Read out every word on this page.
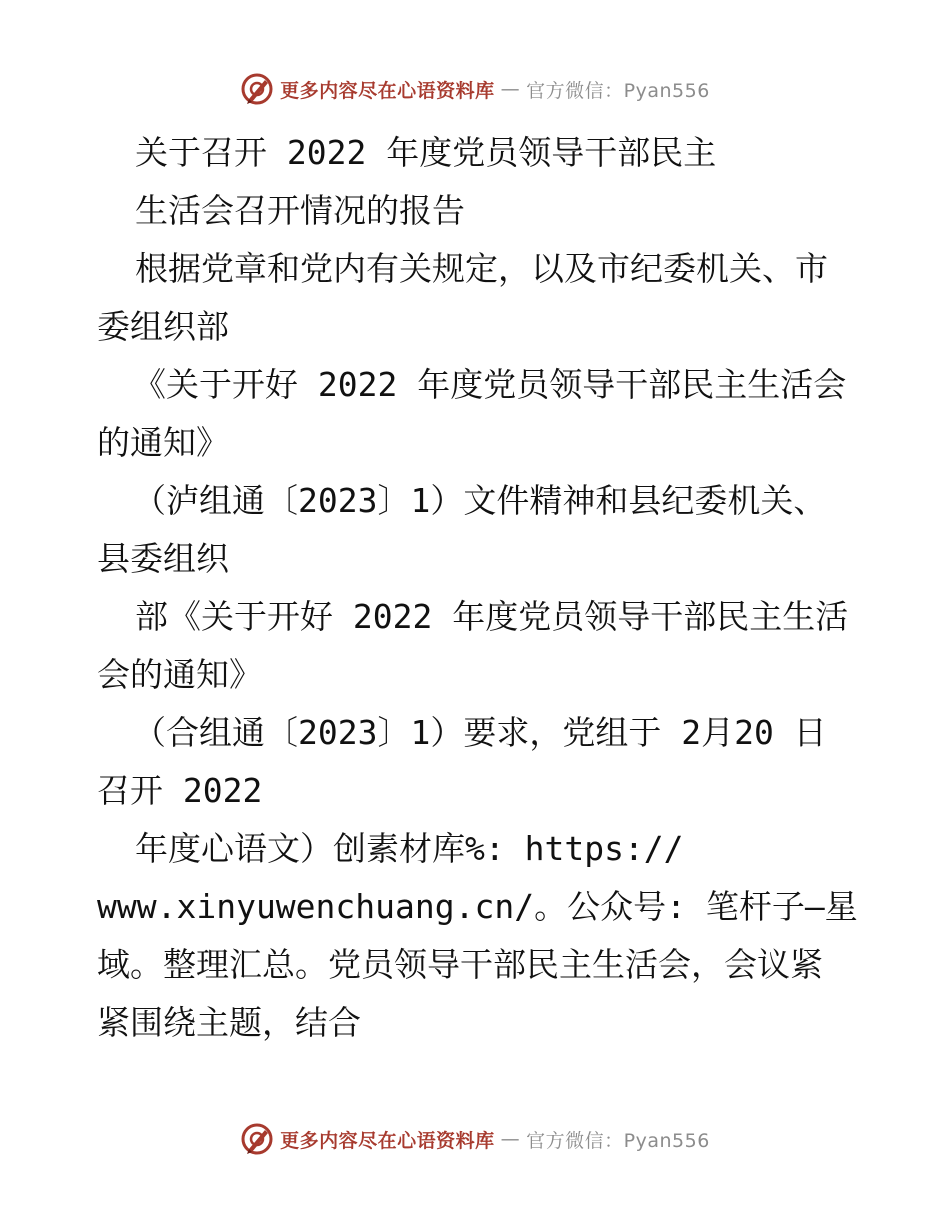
更多内容尽在心语资料库 — 官方微信：Pyan556

关于召开 2022 年度党员领导干部民主

生活会召开情况的报告

根据党章和党内有关规定，以及市纪委机关、市

委组织部

《关于开好 2022 年度党员领导干部民主生活会

的通知》

（泸组通〔2023〕1）文件精神和县纪委机关、

县委组织

部《关于开好 2022 年度党员领导干部民主生活

会的通知》

（合组通〔2023〕1）要求，党组于 2月20 日

召开 2022

年度心语文）创素材库%: https://

www.xinyuwenchuang.cn/。公众号: 笔杆子—星

域。整理汇总。党员领导干部民主生活会，会议紧

紧围绕主题，结合

更多内容尽在心语资料库 — 官方微信：Pyan556
